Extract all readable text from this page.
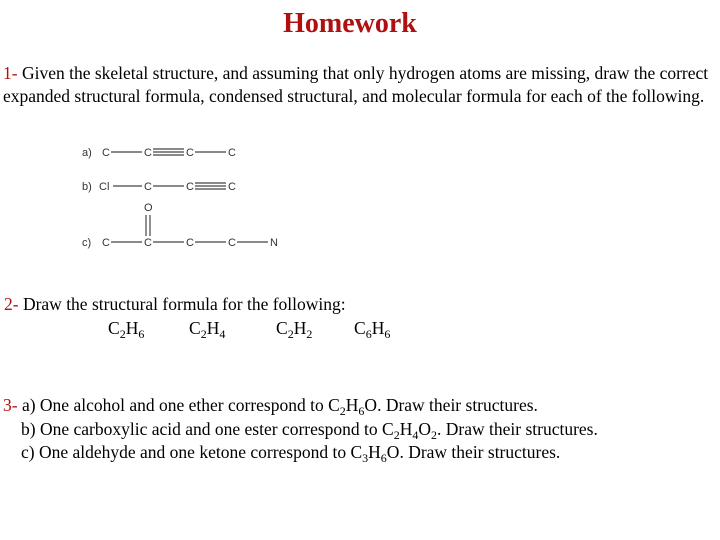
Homework
1- Given the skeletal structure, and assuming that only hydrogen atoms are missing, draw the correct expanded structural formula, condensed structural, and molecular formula for each of the following.
a) C	C	C	C
b) Cl	C	C	C
O
c) C	C	C	C	N
2- Draw the structural formula for the following:
$C_2H_6$	$C_2H_4$	$C_2H_2$ $C_6H_6$
3- a) One alcohol and one ether correspond to $C_2H_6O$. Draw their structures.
b) One carboxylic acid and one ester correspond to $C_2H_4O_2$. Draw their structures.
c) One aldehyde and one ketone correspond to $C_3H_6O$. Draw their structures.
